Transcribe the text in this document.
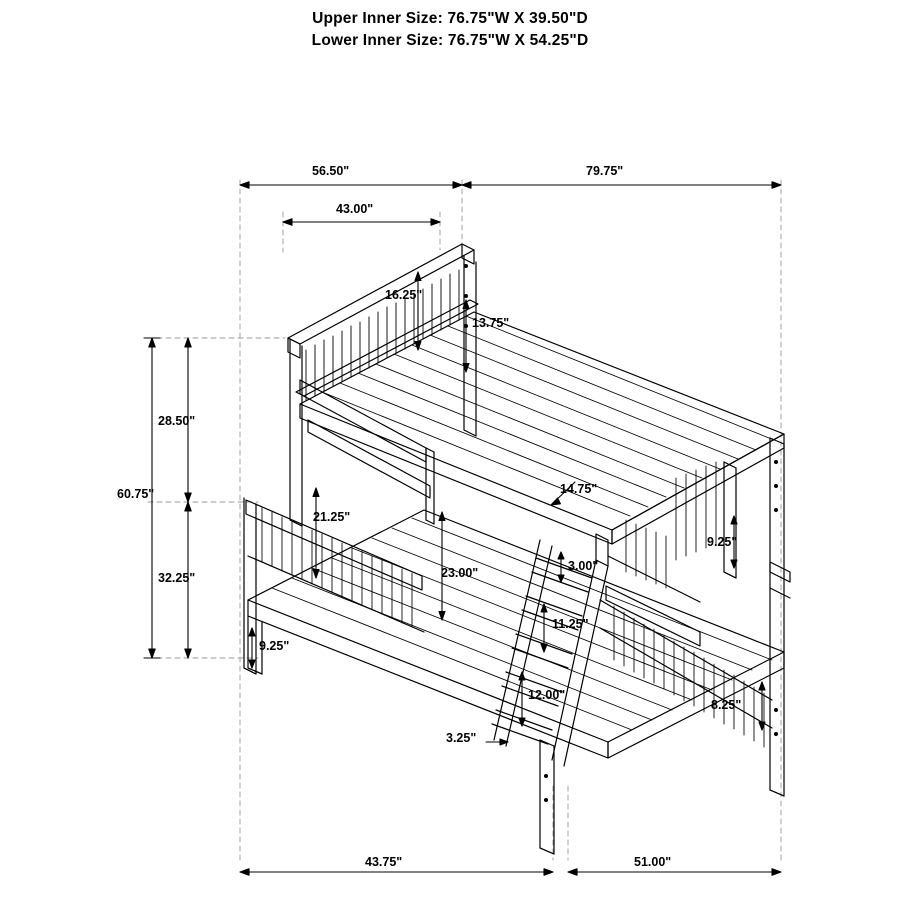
Upper Inner Size: 76.75"W X 39.50"D
Lower Inner Size: 76.75"W X 54.25"D
56.50"	79.75"
43.00"
16.25"
13.75"
28.50"
60.75"
32.25"
21.25"
14.75"
23.00"	3.00"
9.25"
11.25"
9.25"
12.00"
8.25"
3.25"
43.75"	51.00"
